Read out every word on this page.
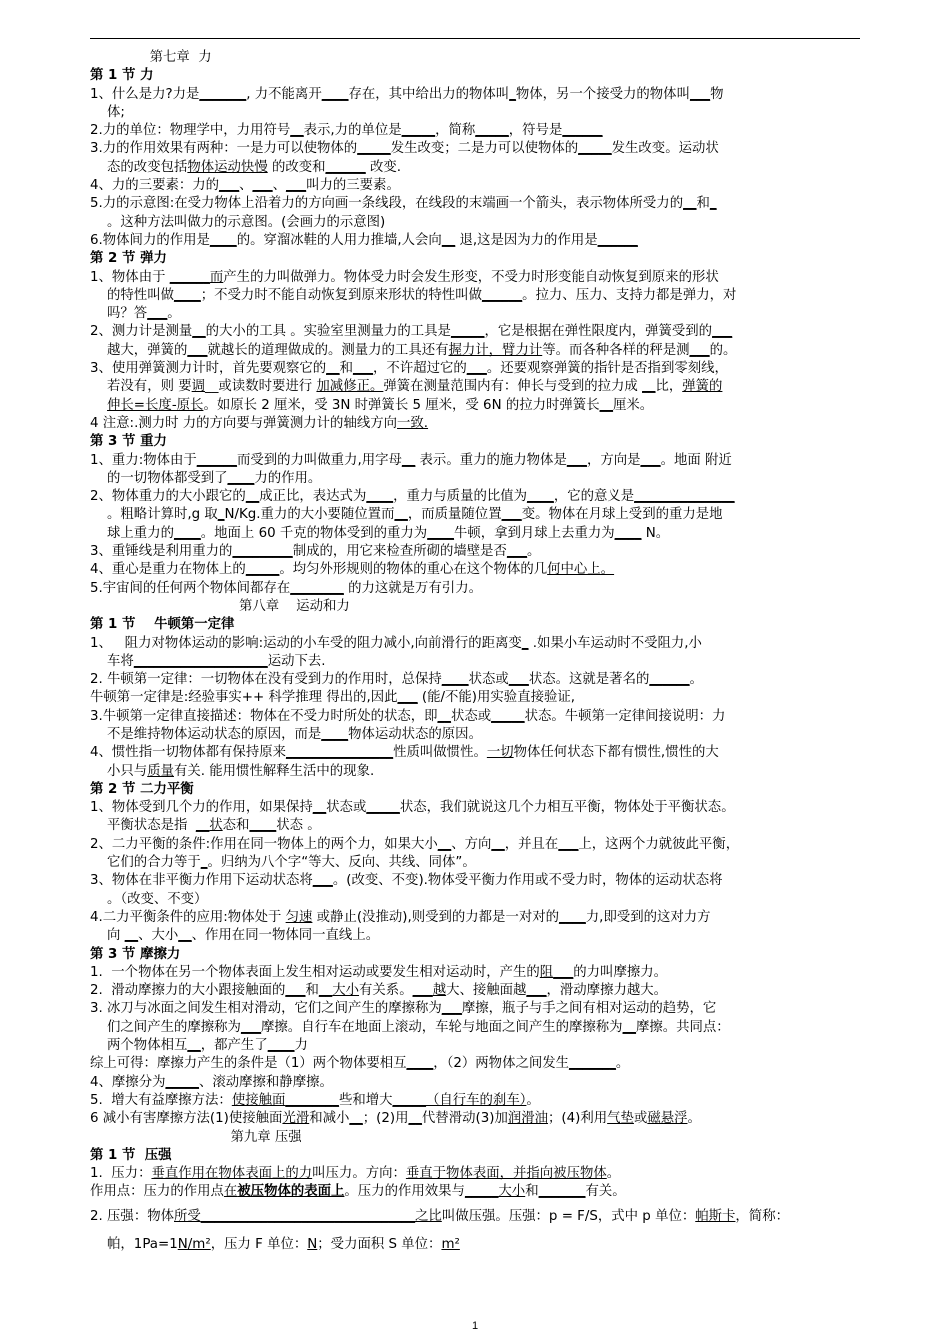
第七章  力
第 1 节 力
1、什么是力?力是_______, 力不能离开____存在，其中给出力的物体叫_物体，另一个接受力的物体叫___物
体;
2.力的单位：物理学中，力用符号__表示,力的单位是_____，简称_____，符号是______
3.力的作用效果有两种：一是力可以使物体的_____发生改变；二是力可以使物体的_____发生改变。运动状
态的改变包括物体运动快慢 的改变和______ 改变.
4、力的三要素：力的___、___、___叫力的三要素。
5.力的示意图:在受力物体上沿着力的方向画一条线段，在线段的末端画一个箭头，表示物体所受力的__和_
。这种方法叫做力的示意图。(会画力的示意图)
6.物体间力的作用是____的。穿溜冰鞋的人用力推墙,人会向__ 退,这是因为力的作用是______
第 2 节 弹力
1、物体由于 ______而产生的力叫做弹力。物体受力时会发生形变，不受力时形变能自动恢复到原来的形状
的特性叫做____；不受力时不能自动恢复到原来形状的特性叫做______。拉力、压力、支持力都是弹力，对
吗？答___。
2、测力计是测量__的大小的工具 。实验室里测量力的工具是_____，它是根据在弹性限度内，弹簧受到的___
越大，弹簧的___就越长的道理做成的。测量力的工具还有握力计，臂力计等。而各种各样的秤是测___的。
3、使用弹簧测力计时，首先要观察它的__和___，不许超过它的___。还要观察弹簧的指针是否指到零刻线，
若没有，则 要调__或读数时要进行 加减修正。弹簧在测量范围内有：伸长与受到的拉力成 __比，弹簧的
伸长=长度-原长。如原长 2 厘米，受 3N 时弹簧长 5 厘米，受 6N 的拉力时弹簧长__厘米。
4 注意:.测力时 力的方向要与弹簧测力计的轴线方向一致.
第 3 节 重力
1、重力:物体由于______而受到的力叫做重力,用字母__ 表示。重力的施力物体是___，方向是___。地面 附近
的一切物体都受到了____力的作用。
2、物体重力的大小跟它的__成正比，表达式为____，重力与质量的比值为____，它的意义是_______________
。粗略计算时,g 取_N/Kg.重力的大小要随位置而__，而质量随位置___变。物体在月球上受到的重力是地
球上重力的____。地面上 60 千克的物体受到的重力为____牛顿，拿到月球上去重力为____ N。
3、重锤线是利用重力的_________制成的，用它来检查所砌的墙壁是否___。
4、重心是重力在物体上的_____。均匀外形规则的物体的重心在这个物体的几何中心上。
5.宇宙间的任何两个物体间都存在________ 的力这就是万有引力。
第八章    运动和力
第 1 节    牛顿第一定律
1、   阻力对物体运动的影响:运动的小车受的阻力减小,向前滑行的距离变_ .如果小车运动时不受阻力,小
车将____________________运动下去.
2. 牛顿第一定律：一切物体在没有受到力的作用时，总保持____状态或___状态。这就是著名的______。
牛顿第一定律是:经验事实++ 科学推理 得出的,因此___ (能/不能)用实验直接验证,
3.牛顿第一定律直接描述：物体在不受力时所处的状态，即__状态或_____状态。牛顿第一定律间接说明：力
不是维持物体运动状态的原因，而是____物体运动状态的原因。
4、惯性指一切物体都有保持原来________________性质叫做惯性。一切物体任何状态下都有惯性,惯性的大
小只与质量有关. 能用惯性解释生活中的现象.
第 2 节 二力平衡
1、物体受到几个力的作用，如果保持__状态或_____状态，我们就说这几个力相互平衡，物体处于平衡状态。
平衡状态是指  __状态和____状态 。
2、二力平衡的条件:作用在同一物体上的两个力，如果大小__、方向__，并且在___上，这两个力就彼此平衡，
它们的合力等于_。归纳为八个字“等大、反向、共线、同体”。
3、物体在非平衡力作用下运动状态将___。(改变、不变).物体受平衡力作用或不受力时，物体的运动状态将
。（改变、不变）
4.二力平衡条件的应用:物体处于 匀速 或静止(没推动),则受到的力都是一对对的____力,即受到的这对力方
向 __、大小__、作用在同一物体同一直线上。
第 3 节 摩擦力
1.  一个物体在另一个物体表面上发生相对运动或要发生相对运动时，产生的阻___的力叫摩擦力。
2.  滑动摩擦力的大小跟接触面的___和__大小有关系。___越大、接触面越___，滑动摩擦力越大。
3. 冰刀与冰面之间发生相对滑动，它们之间产生的摩擦称为___摩擦，瓶子与手之间有相对运动的趋势，它
们之间产生的摩擦称为___摩擦。自行车在地面上滚动，车轮与地面之间产生的摩擦称为__摩擦。共同点：
两个物体相互__，都产生了____力
综上可得：摩擦力产生的条件是（1）两个物体要相互____，（2）两物体之间发生_______。
4、摩擦分为_____、滚动摩擦和静摩擦。
5.  增大有益摩擦方法：使接触面________些和增大_____（自行车的刹车）。
6 减小有害摩擦方法(1)使接触面光滑和减小__；(2)用__代替滑动(3)加润滑油；(4)利用气垫或磁悬浮。
第九章 压强
第 1 节  压强
1.  压力：垂直作用在物体表面上的力叫压力。方向：垂直于物体表面，并指向被压物体。
作用点：压力的作用点在被压物体的表面上。压力的作用效果与_____大小和_______有关。
2. 压强：物体所受________________________________之比叫做压强。压强：p = F/S，式中 p 单位：帕斯卡，简称：
帕，1Pa=1N/m²，压力 F 单位：N；受力面积 S 单位：m²
1
